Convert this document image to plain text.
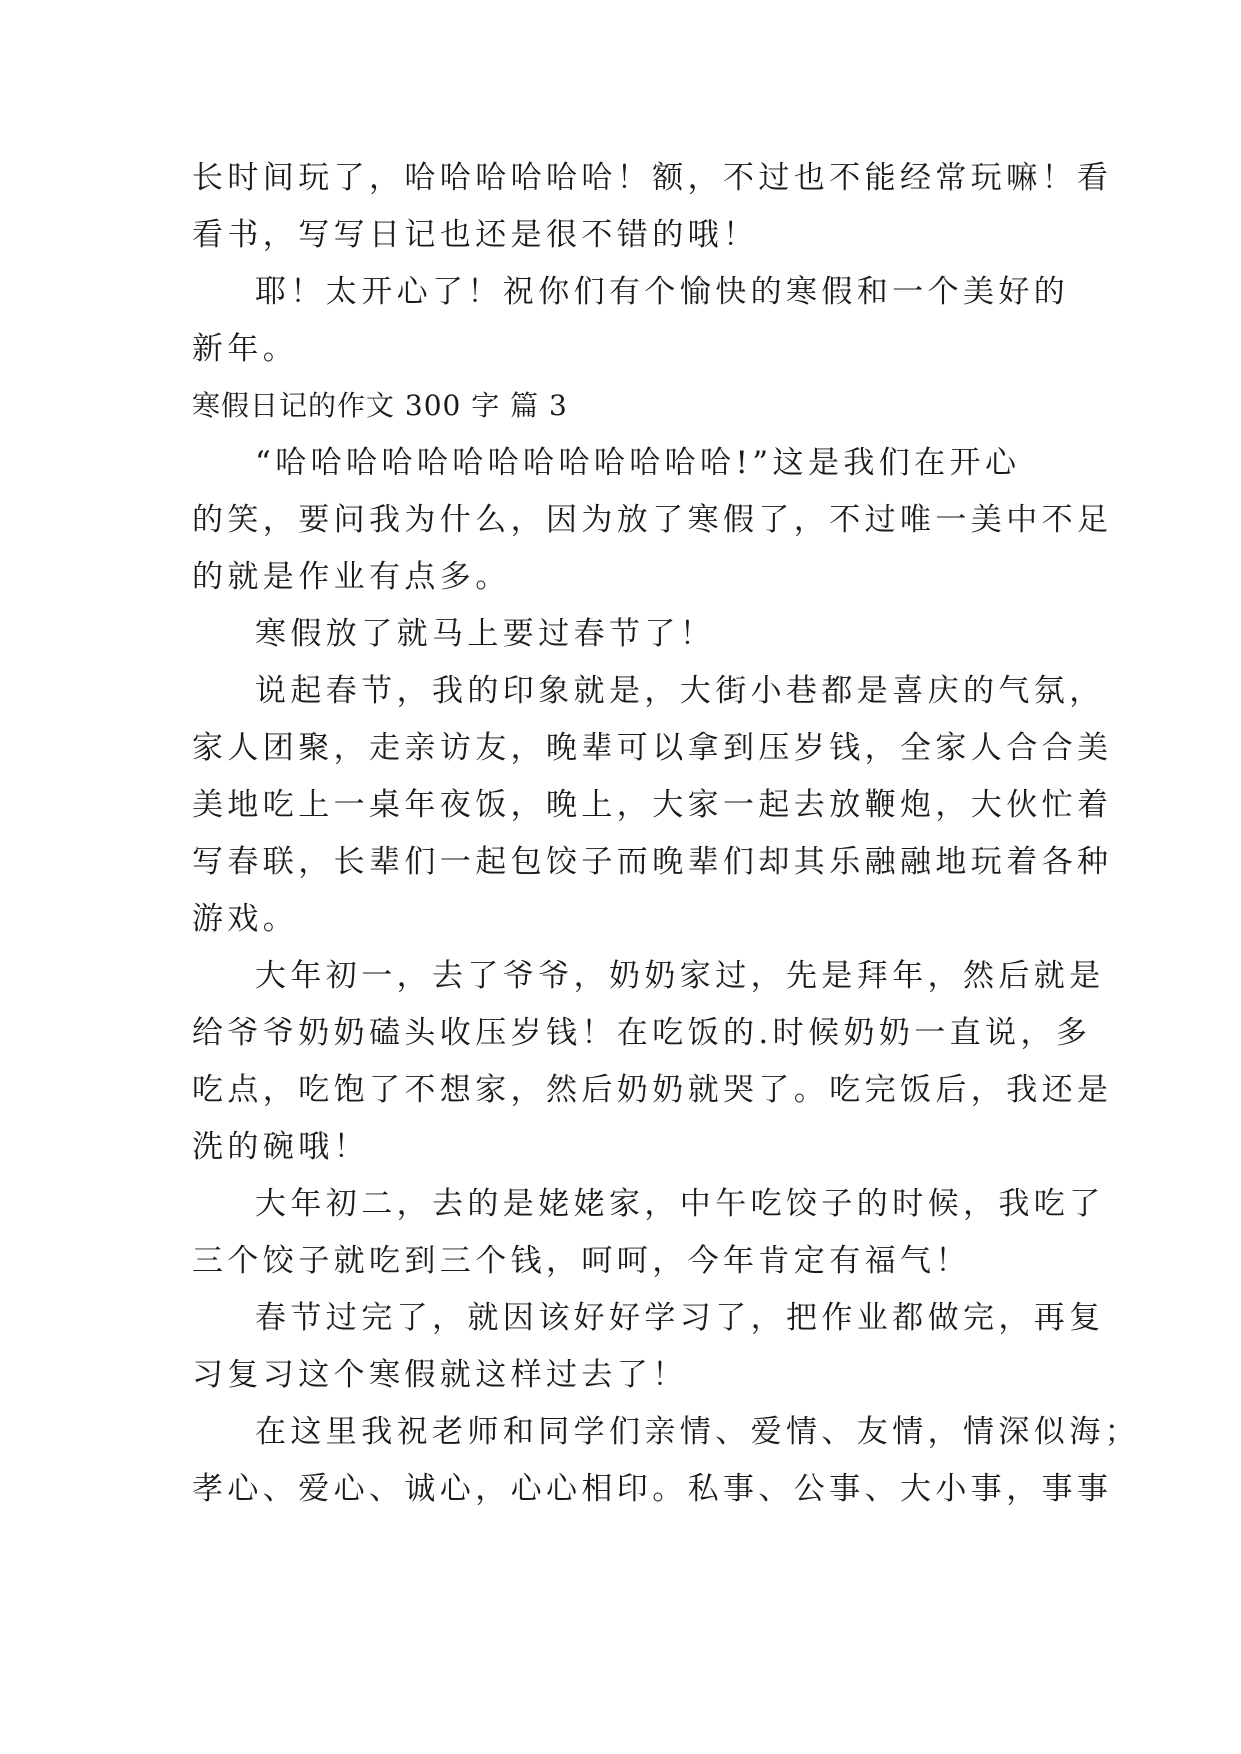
长时间玩了，哈哈哈哈哈哈！额，不过也不能经常玩嘛！看
看书，写写日记也还是很不错的哦！
耶！太开心了！祝你们有个愉快的寒假和一个美好的
新年。
寒假日记的作文 300 字 篇 3
“哈哈哈哈哈哈哈哈哈哈哈哈哈!”这是我们在开心
的笑，要问我为什么，因为放了寒假了，不过唯一美中不足
的就是作业有点多。
寒假放了就马上要过春节了！
说起春节，我的印象就是，大街小巷都是喜庆的气氛，
家人团聚，走亲访友，晚辈可以拿到压岁钱，全家人合合美
美地吃上一桌年夜饭，晚上，大家一起去放鞭炮，大伙忙着
写春联，长辈们一起包饺子而晚辈们却其乐融融地玩着各种
游戏。
大年初一，去了爷爷，奶奶家过，先是拜年，然后就是
给爷爷奶奶磕头收压岁钱！在吃饭的.时候奶奶一直说，多
吃点，吃饱了不想家，然后奶奶就哭了。吃完饭后，我还是
洗的碗哦！
大年初二，去的是姥姥家，中午吃饺子的时候，我吃了
三个饺子就吃到三个钱，呵呵，今年肯定有福气！
春节过完了，就因该好好学习了，把作业都做完，再复
习复习这个寒假就这样过去了！
在这里我祝老师和同学们亲情、爱情、友情，情深似海；
孝心、爱心、诚心，心心相印。私事、公事、大小事，事事
